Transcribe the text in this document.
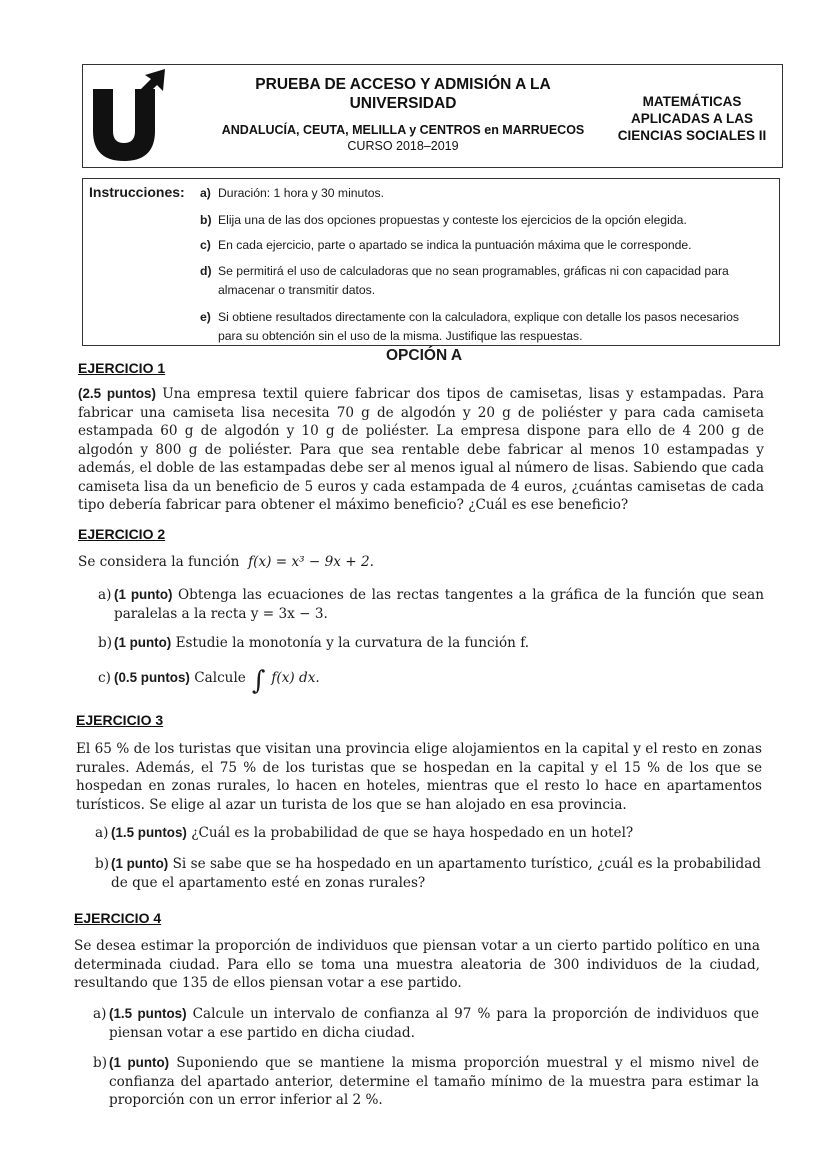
PRUEBA DE ACCESO Y ADMISIÓN A LA
UNIVERSIDAD
ANDALUCÍA, CEUTA, MELILLA y CENTROS en MARRUECOS
CURSO 2018–2019
MATEMÁTICAS
APLICADAS A LAS
CIENCIAS SOCIALES II
Instrucciones: a) Duración: 1 hora y 30 minutos.
b) Elija una de las dos opciones propuestas y conteste los ejercicios de la opción elegida.
c) En cada ejercicio, parte o apartado se indica la puntuación máxima que le corresponde.
d) Se permitirá el uso de calculadoras que no sean programables, gráficas ni con capacidad para
almacenar o transmitir datos.
e) Si obtiene resultados directamente con la calculadora, explique con detalle los pasos necesarios
para su obtención sin el uso de la misma. Justifique las respuestas.
OPCIÓN A
EJERCICIO 1
(2.5 puntos) Una empresa textil quiere fabricar dos tipos de camisetas, lisas y estampadas. Para fabricar una camiseta lisa necesita 70 g de algodón y 20 g de poliéster y para cada camiseta estampada 60 g de algodón y 10 g de poliéster. La empresa dispone para ello de 4 200 g de algodón y 800 g de poliéster. Para que sea rentable debe fabricar al menos 10 estampadas y además, el doble de las estampadas debe ser al menos igual al número de lisas. Sabiendo que cada camiseta lisa da un beneficio de 5 euros y cada estampada de 4 euros, ¿cuántas camisetas de cada tipo debería fabricar para obtener el máximo beneficio? ¿Cuál es ese beneficio?
EJERCICIO 2
Se considera la función f(x) = x³ − 9x + 2.
a) (1 punto) Obtenga las ecuaciones de las rectas tangentes a la gráfica de la función que sean paralelas a la recta y = 3x − 3.
b) (1 punto) Estudie la monotonía y la curvatura de la función f.
c) (0.5 puntos) Calcule ∫ f(x) dx.
EJERCICIO 3
El 65 % de los turistas que visitan una provincia elige alojamientos en la capital y el resto en zonas rurales. Además, el 75 % de los turistas que se hospedan en la capital y el 15 % de los que se hospedan en zonas rurales, lo hacen en hoteles, mientras que el resto lo hace en apartamentos turísticos. Se elige al azar un turista de los que se han alojado en esa provincia.
a) (1.5 puntos) ¿Cuál es la probabilidad de que se haya hospedado en un hotel?
b) (1 punto) Si se sabe que se ha hospedado en un apartamento turístico, ¿cuál es la probabilidad de que el apartamento esté en zonas rurales?
EJERCICIO 4
Se desea estimar la proporción de individuos que piensan votar a un cierto partido político en una determinada ciudad. Para ello se toma una muestra aleatoria de 300 individuos de la ciudad, resultando que 135 de ellos piensan votar a ese partido.
a) (1.5 puntos) Calcule un intervalo de confianza al 97 % para la proporción de individuos que piensan votar a ese partido en dicha ciudad.
b) (1 punto) Suponiendo que se mantiene la misma proporción muestral y el mismo nivel de confianza del apartado anterior, determine el tamaño mínimo de la muestra para estimar la proporción con un error inferior al 2 %.
